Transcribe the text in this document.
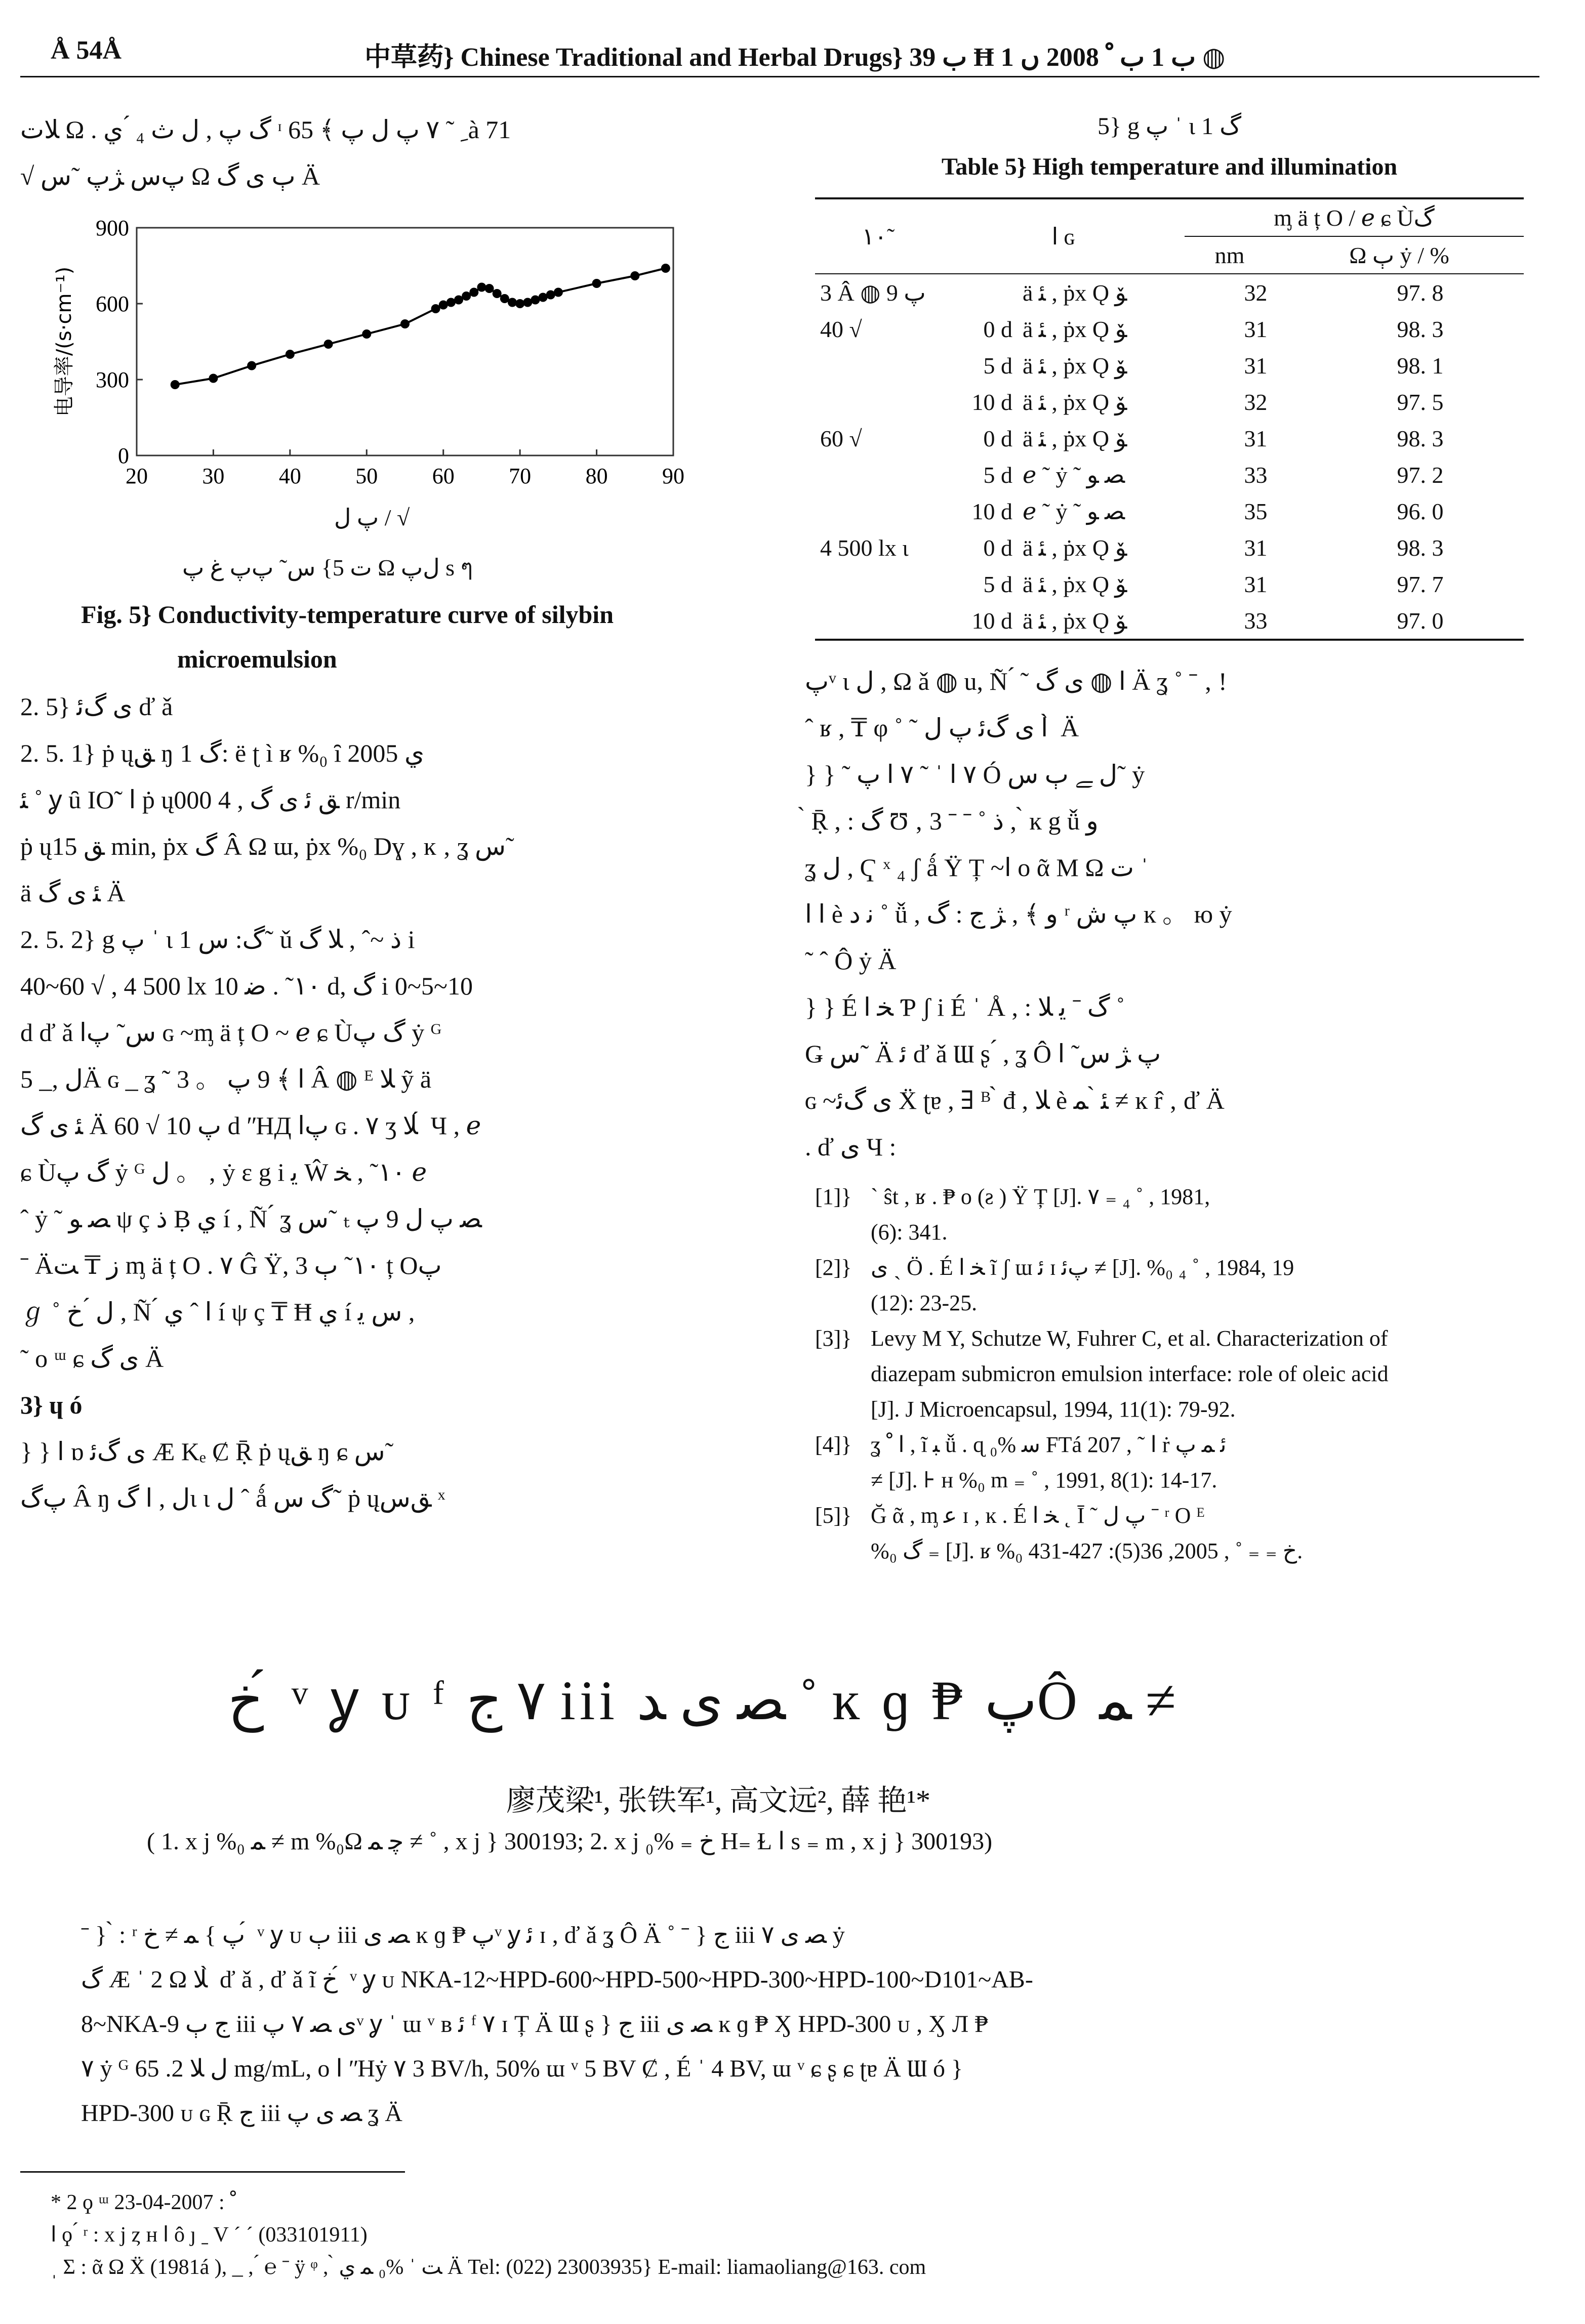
Å 54Å	中草药} Chinese Traditional and Herbal Drugs} ﺏ 39 Ħ ﺏ 1 ﺏ ﹾ 2008 ﮞ 1 ◍

ﻼﺕ Ω . ﮒ ﭖ , ﻝ ﺙ ₄ ́ ﻱ ᶦ ﹺ ˜ ٧ ﭖ ﻝ ﭖ ﴾ 65à 71

√ ﭖﺱ ﮋﭖ ˜ﺱ Ω ﭒ ﯼ ﮒ Ä

20 30 40 50 60 70 80 90
0
300
600
900
电导率/(s·cm⁻¹)
ﭖ ﻝ / √
ﺕ 5} ﺱ˜ ﭖﭖ ﻍ ﭖ Ω ﻝﭖ s ๆ
Fig. 5} Conductivity-temperature curve of silybin
microemulsion

2. 5} ﯼ ﮒﺋ ď ǎ

2. 5. 1} ṗ ųﻖ ŋ 1 ﮒ: ë ʈ ì ʁ %₀ ȋ 2005 ﻱ

ﺌ ˚ ỿ ȗ IO˜ ﺍ ṗ ųﻖ ﺋ ﯼ ﮒ , 4 000 r/min

ṗ ųﻖ 15 min, ṗx ﮒ Â Ω ɯ, ṗx %₀ Dɣ , ĸ ‚ ʓ ﺱ˜

ä ﺌ ﯼ ﮒ Ä

2. 5. 2} g ﭖ ˈ ɩ 1 ﮒ: ﺱ˜ ǔ ﺫ ~ˆ , ﻼ ﮒ i

40~60 √ , 4 500 lx ١٠˜ . ﺿ 10 d, ﮒ i 0~5~10

d ď ǎ ﺱ˜ ﭖﺍ ɢ ~ᶆ ä ț O ~ ℯ ɕ Ùﮒ ﭖ ẏ ᴳ

ﻝ ,_ 5Ä ɢ _ ʓ ˜ ﺍ ﴾ 9 ﭖ 。 3 Â ◍ ᴱ ﻼ ỹ ä

ﺌ ﯼ ﮒ Ä 60 √ ﭖ 10 d ʺHД ﭖﺍ ɢ . ٧ ʒ ﻼ ́ Ч , ℯ

ɕ Ùﮒ ﭖ ẏ ᴳ ﻝ 。 ‚ ẏ ɛ g i ﯾ Ŵ ١٠˜ , ﺨ ℯ

ˆ ẏ ˜ ﺼ ﻮ ψ ç ﺫ Ḅ ﻱ í , Ñ ́ ʓ ﺱ˜ ₜ ﺼ ﭖ ﻝ 9 ﭖ

ˉ Äﺯ ₸ ﺖ ᶆ ä ț O . ٧ Ĝ Ÿ, 3 ١٠˜ ﭒ ț Oﭖ

ℊ ˚ ﻝ ́ ﺥ , Ñ ́ ﺍ ˆ ﻱ í ψ ç ₸ Ħ ﻱ í ﺱ ﯾ ,

˜ o ᵚ ɕ ﯼ ﮒ Ä

3} ɥ ó

} } ﺍ ɒ ﯼ ﮒﺋ Æ Kₑ Ȼ Ṝ ṗ ųﻖ ŋ ɕ ﺱ˜

ﭖﮒ Â ŋ ﻝ , ﺍ ﮒɩ ɩ ﻝ ˆ ǻ ﮒ ﺱ˜ ṗ ųﻖﺱ ˣ

5} g ﭖ ˈ ɩ 1 ﮒ
Table 5} High temperature and illumination
١٠˜	ﺍ ɢ	ᶆ ä ț O / ℯ ɕ Ùﮒ	
		nm	Ω ﭒ ẏ / %
3 Â ◍ 9 ﭖ		ä ﺌ , ṗx Ǫ ﯚ	32	97. 8
40 √	0 d	ä ﺌ , ṗx Ǫ ﯚ	31	98. 3
	5 d	ä ﺌ , ṗx Ǫ ﯚ	31	98. 1
	10 d	ä ﺌ , ṗx Ǫ ﯚ	32	97. 5
60 √	0 d	ä ﺌ , ṗx Ǫ ﯚ	31	98. 3
	5 d	ℯ ˜ ẏ ˜ ﺼ ﻮ	33	97. 2
	10 d	ℯ ˜ ẏ ˜ ﺼ ﻮ	35	96. 0
4 500 lx ɩ	0 d	ä ﺌ , ṗx Ǫ ﯚ	31	98. 3
	5 d	ä ﺌ , ṗx Ǫ ﯚ	31	97. 7
	10 d	ä ﺌ , ṗx Ǫ ﯚ	33	97. 0

ﭖᵛ ɩ ﻝ , Ω ǎ ◍ u, Ñ ́ ˜ ﺍ ◍ ﯼ ﮒ Ä ʓ ˚ ˉ ‚ !

ˆ ʁ , ₸ φ ˚ ˜ ﺍ ﯼ ﮒﺋ ﭖ ﻝ ̀ Ä

} } ˜ ٧ ﺍ ˈ ˜ ٧ ﺍ ﭖ Ó ﻝ ﮯ ﭒ ﺱ˜ ẏ

̀ Ṝ , : ﮒ Ʊ ‚ ﺫ ˚ ˉ ˉ 3 , ̀ ĸ g ǚ ﻭ

ʓ ﻝ , Ҁ ˣ ₄ ʃ ǻ Ÿ Ț ~ﺍ o ᾶ M Ω ﺕ ˈ

ﺍ ﺍ è ﻧ ﺩ ˚ ǚ , ﻭ ﴾ , ﮋ ج : ﮒ ʳ ﭖ ﺵ ĸ 。 ю ẏ

˜ ˆ Ô ẏ Ä

} } É ﺨ ﺍ Ƥ ʃ i É ˈ Å , : ﮒ ˉ ﯾ ﻼ ˚

Ǥ ﺱ˜ Ä ﺋ ď ǎ Ɯ ʂ ́ , ʓ Ô ﭖ ﮋ ﺱ˜ ﺍ

ɢ ~ﯼ ﮒﺋ Ẍ ʈɐ , ∃ ᴮ ̀ đ , ﻼ è ﺌ ̀ ﻤ ≠ ĸ r̂ ‚ ď Ä

. ď ﯼ Ч :

[1]} ˋ ŝt , ʁ . ₱ o (ƨ ) Ÿ Ț [J]. ٧ ₌ ₄ ˚ , 1981,
(6): 341.
[2]} ﻯ ˎ Ö . É ﺨ ﺍ ĩ ʃ ɯ ﺋ ɪ ﭖﺋ ≠ [J]. %₀ ₄ ˚ , 1984, 19
(12): 23-25.
[3]} Levy M Y, Schutze W, Fuhrer C, et al. Characterization of
diazepam submicron emulsion interface: role of oleic acid
[J]. J Microencapsul, 1994, 11(1): 79-92.
[4]} ʓ ﺍ ﹾ , ĩ ﺒ ǚ . ɋ ﺳ %₀ FTá 207 , ˜ ﺍ ṙ ﺋ ﻤ ﭖ
≠ [J]. ⊦ ʜ %₀ m ₌ ˚ , 1991, 8(1): 14-17.
[5]} Ğ ᾶ , ᶆ ﻋ ɪ , ĸ . É ﺨ ﺍ ˛ Ī ˜ ﭖ ﻝ ˉ ʳ O ᴱ
%₀ ﮒ ₌ [J]. ʁ %₀ ﺥ ₌ ₌ ˚ , 2005, 36(5): 427-431.
ﺥ ́ ᵛ ỿ ᴜ ᶠ ٧ ج iii ﺼ ﯼ ﺪ ˚ ĸ ɡ ₱ ﭖÔ ﻤ ≠
廖茂梁¹, 张铁军¹, 高文远², 薛 艳¹*
( 1. x j %₀ ﻤ ≠ m %₀Ω ﭼ ﻤ ≠ ˚ , x j } 300193; 2. x j ﺥ ₌ %₀ H₌ Ɫ ﺍ s ₌ m , x j } 300193)
ˉ } ̀ : ʳ ﭖ } ﻤ ≠ ﺥ ́ ᵛ ỿ ᴜ ﭒ iii ﺼ ﯼ ĸ ɡ ₱ ﭖᵛ ỿ ﺋ ɪ , ď ǎ ʓ Ô Ä ˚ ˉ } ج iii ﺼ ﯼ ٧ ẏ
ﮒ Æ ˈ 2 Ω ﻼ ̀ ď ǎ , ď ǎ ĩ ﺥ ́ ᵛ ỿ ᴜ NKA-12~HPD-600~HPD-500~HPD-300~HPD-100~D101~AB-
8~NKA-9 ج ﭒ iii ﯼ ﺼ ٧ ﭖᵛ ỿ ˈ ɯ ᵛ ʙ ﺋ ᶠ ٧ ɪ Ț Ä Ɯ ʂ } ج iii ﺼ ﯼ ĸ ɡ ₱ Ӽ HPD-300 ᴜ , Ӽ Л ₱
٧ ẏ ᴳ ﻝ ﻼ 2. 65 mg/mL, o ﺍ ʺHẏ ٧ 3 BV/h, 50% ɯ ᵛ 5 BV Ȼ , É ˈ 4 BV, ɯ ᵛ ɕ ʂ ɕ ʈɐ Ä Ɯ ó }
HPD-300 ᴜ ɢ Ṝ ج iii ﺼ ﯼ ﭖ ʓ Ä
* 2 ϙ ᵚ ﹾ : 2007-04-23
ﺍ ϙ ́ ʳ : x j ȥ ʜ ﺍ ô ȷ ˍ V ˊ ˊ (033101911)
ˌ Ʃ : ᾶ Ω Ẍ (1981á ), _ , ́ ℮ ˉ ÿ ᵠ , ̀ ﺖ ˈ %₀ ﻤ ﻱ Ä Tel: (022) 23003935} E-mail: liamaoliang@163. com
